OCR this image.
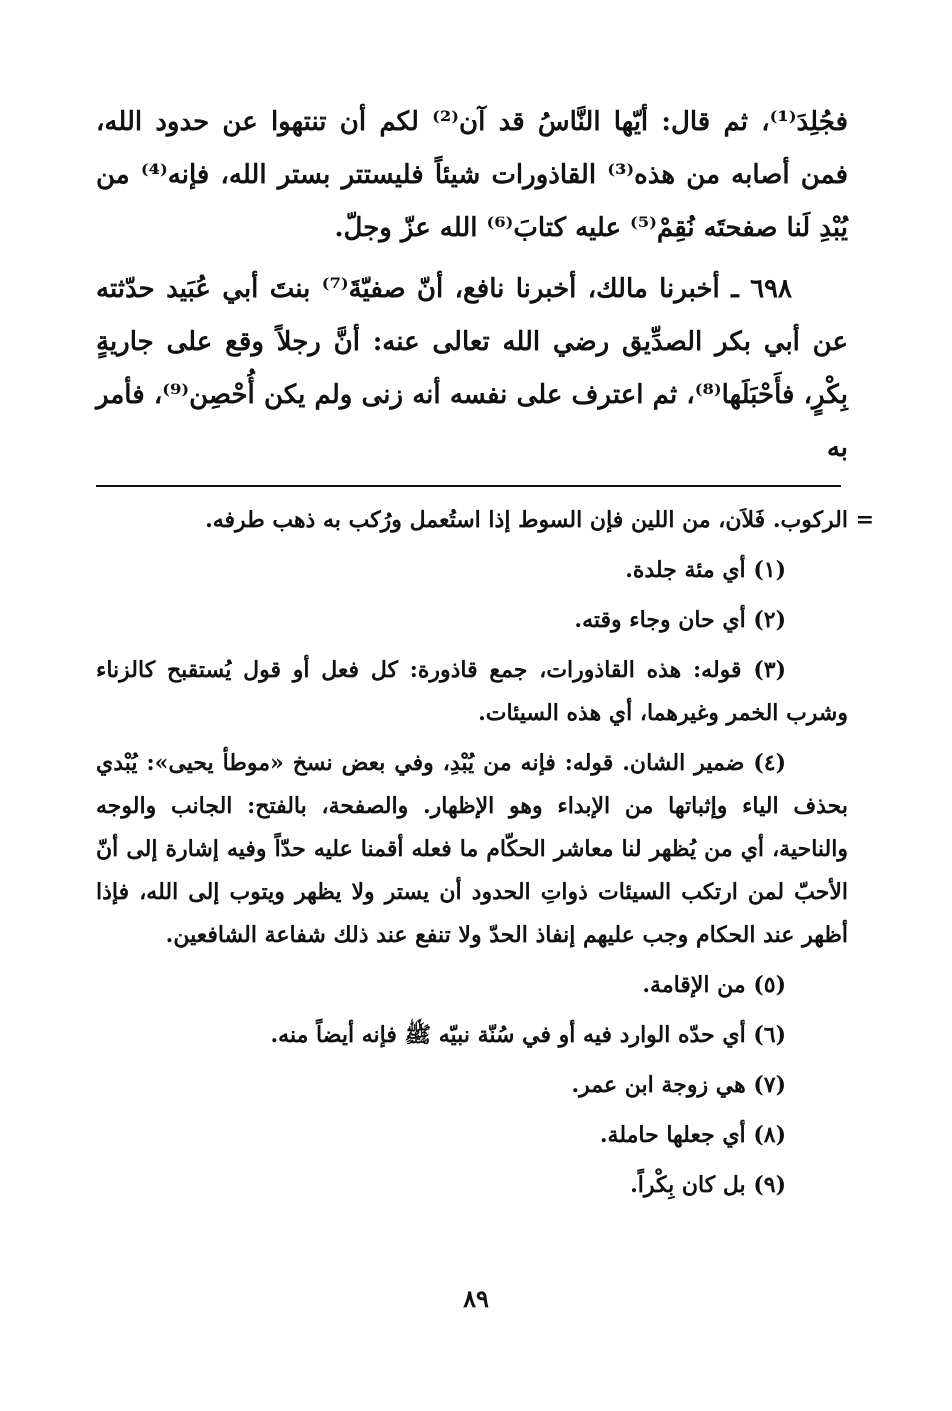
فجُلِدَ⁽¹⁾، ثم قال: أيّها النَّاسُ قد آن⁽²⁾ لكم أن تنتهوا عن حدود الله، فمن أصابه من هذه⁽³⁾ القاذورات شيئاً فليستتر بستر الله، فإنه⁽⁴⁾ من يُبْدِ لَنا صفحتَه نُقِمْ⁽⁵⁾ عليه كتابَ⁽⁶⁾ الله عزّ وجلّ.

٦٩٨ ـ أخبرنا مالك، أخبرنا نافع، أنّ صفيّةَ⁽⁷⁾ بنتَ أبي عُبَيد حدّثته عن أبي بكر الصدِّيق رضي الله تعالى عنه: أنَّ رجلاً وقع على جاريةٍ بِكْرٍ، فأَحْبَلَها⁽⁸⁾، ثم اعترف على نفسه أنه زنى ولم يكن أُحْصِن⁽⁹⁾، فأمر به

=
الركوب. فَلاَن، من اللين فإن السوط إذا استُعمل ورُكب به ذهب طرفه.

(١) أي مئة جلدة.

(٢) أي حان وجاء وقته.

(٣) قوله: هذه القاذورات، جمع قاذورة: كل فعل أو قول يُستقبح كالزناء وشرب الخمر وغيرهما، أي هذه السيئات.

(٤) ضمير الشان. قوله: فإنه من يُبْدِ، وفي بعض نسخ «موطأ يحيى»: يُبْدي بحذف الياء وإثباتها من الإبداء وهو الإظهار. والصفحة، بالفتح: الجانب والوجه والناحية، أي من يُظهر لنا معاشر الحكّام ما فعله أقمنا عليه حدّاً وفيه إشارة إلى أنّ الأحبّ لمن ارتكب السيئات ذواتِ الحدود أن يستر ولا يظهر ويتوب إلى الله، فإذا أظهر عند الحكام وجب عليهم إنفاذ الحدّ ولا تنفع عند ذلك شفاعة الشافعين.

(٥) من الإقامة.

(٦) أي حدّه الوارد فيه أو في سُنّة نبيّه ﷺ فإنه أيضاً منه.

(٧) هي زوجة ابن عمر.

(٨) أي جعلها حاملة.

(٩) بل كان بِكْراً.

٨٩
